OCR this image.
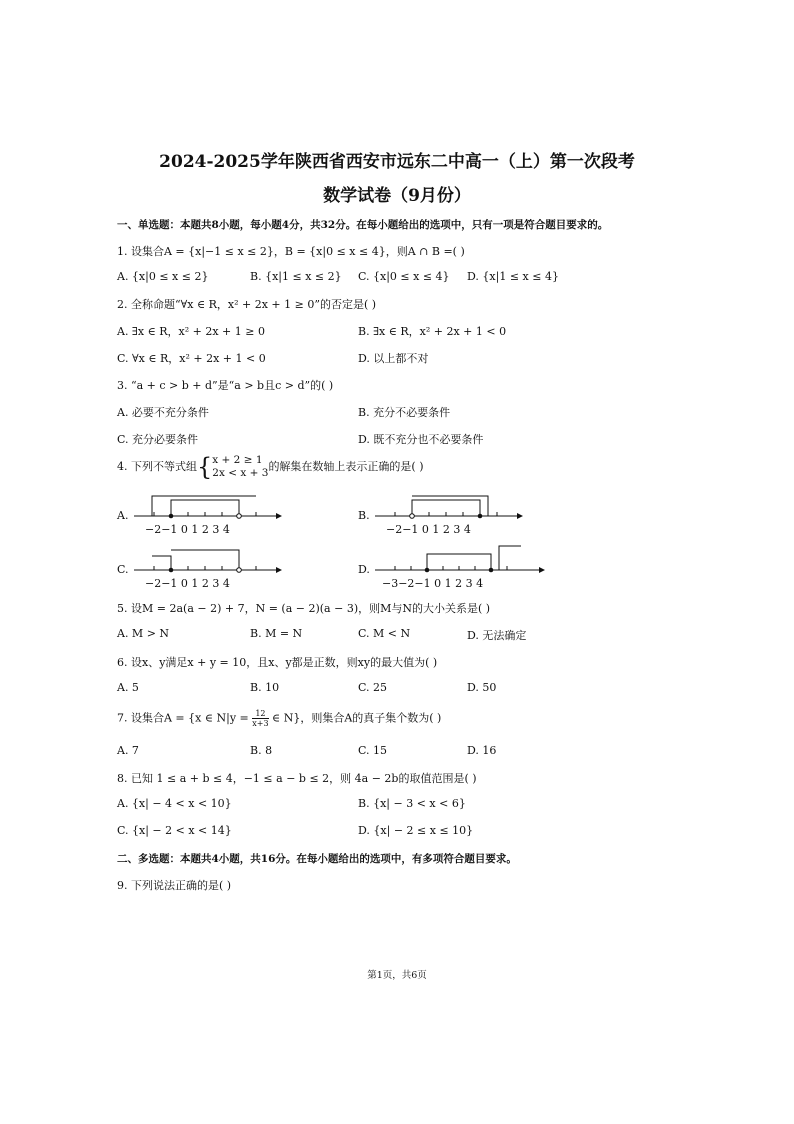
2024-2025学年陕西省西安市远东二中高一（上）第一次段考
数学试卷（9月份）
一、单选题：本题共8小题，每小题4分，共32分。在每小题给出的选项中，只有一项是符合题目要求的。
1. 设集合A = {x|−1 ≤ x ≤ 2}，B = {x|0 ≤ x ≤ 4}，则A ∩ B =( )
A. {x|0 ≤ x ≤ 2}	B. {x|1 ≤ x ≤ 2} C. {x|0 ≤ x ≤ 4} D. {x|1 ≤ x ≤ 4}
2. 全称命题“∀x ∈ R，x² + 2x + 1 ≥ 0”的否定是( )
A. ∃x ∈ R，x² + 2x + 1 ≥ 0	B. ∃x ∈ R，x² + 2x + 1 < 0
C. ∀x ∈ R，x² + 2x + 1 < 0	D. 以上都不对
3. “a + c > b + d”是“a > b且c > d”的( )
A. 必要不充分条件	B. 充分不必要条件
C. 充分必要条件	D. 既不充分也不必要条件
4. 下列不等式组{x + 2 ≥ 1
2x < x + 3的解集在数轴上表示正确的是( )
A.
−2−1 0 1 2 3 4
B.
−2−1 0 1 2 3 4
C.
−2−1 0 1 2 3 4
D.
−3−2−1 0 1 2 3 4
5. 设M = 2a(a − 2) + 7，N = (a − 2)(a − 3)，则M与N的大小关系是( )
A. M > N	B. M = N	C. M < N	D. 无法确定
6. 设x、y满足x + y = 10，且x、y都是正数，则xy的最大值为( )
A. 5	B. 10	C. 25	D. 50
7. 设集合A = {x ∈ $N|y = \frac{12}{x+3}$ ∈ N}，则集合A的真子集个数为( )
A. 7	B. 8	C. 15	D. 16
8. 已知 1 ≤ a + b ≤ 4，−1 ≤ a − b ≤ 2，则 4a − 2b的取值范围是( )
A. {x| − 4 < x < 10}	B. {x| − 3 < x < 6}
C. {x| − 2 < x < 14}	D. {x| − 2 ≤ x ≤ 10}
二、多选题：本题共4小题，共16分。在每小题给出的选项中，有多项符合题目要求。
9. 下列说法正确的是( )
第1页，共6页
